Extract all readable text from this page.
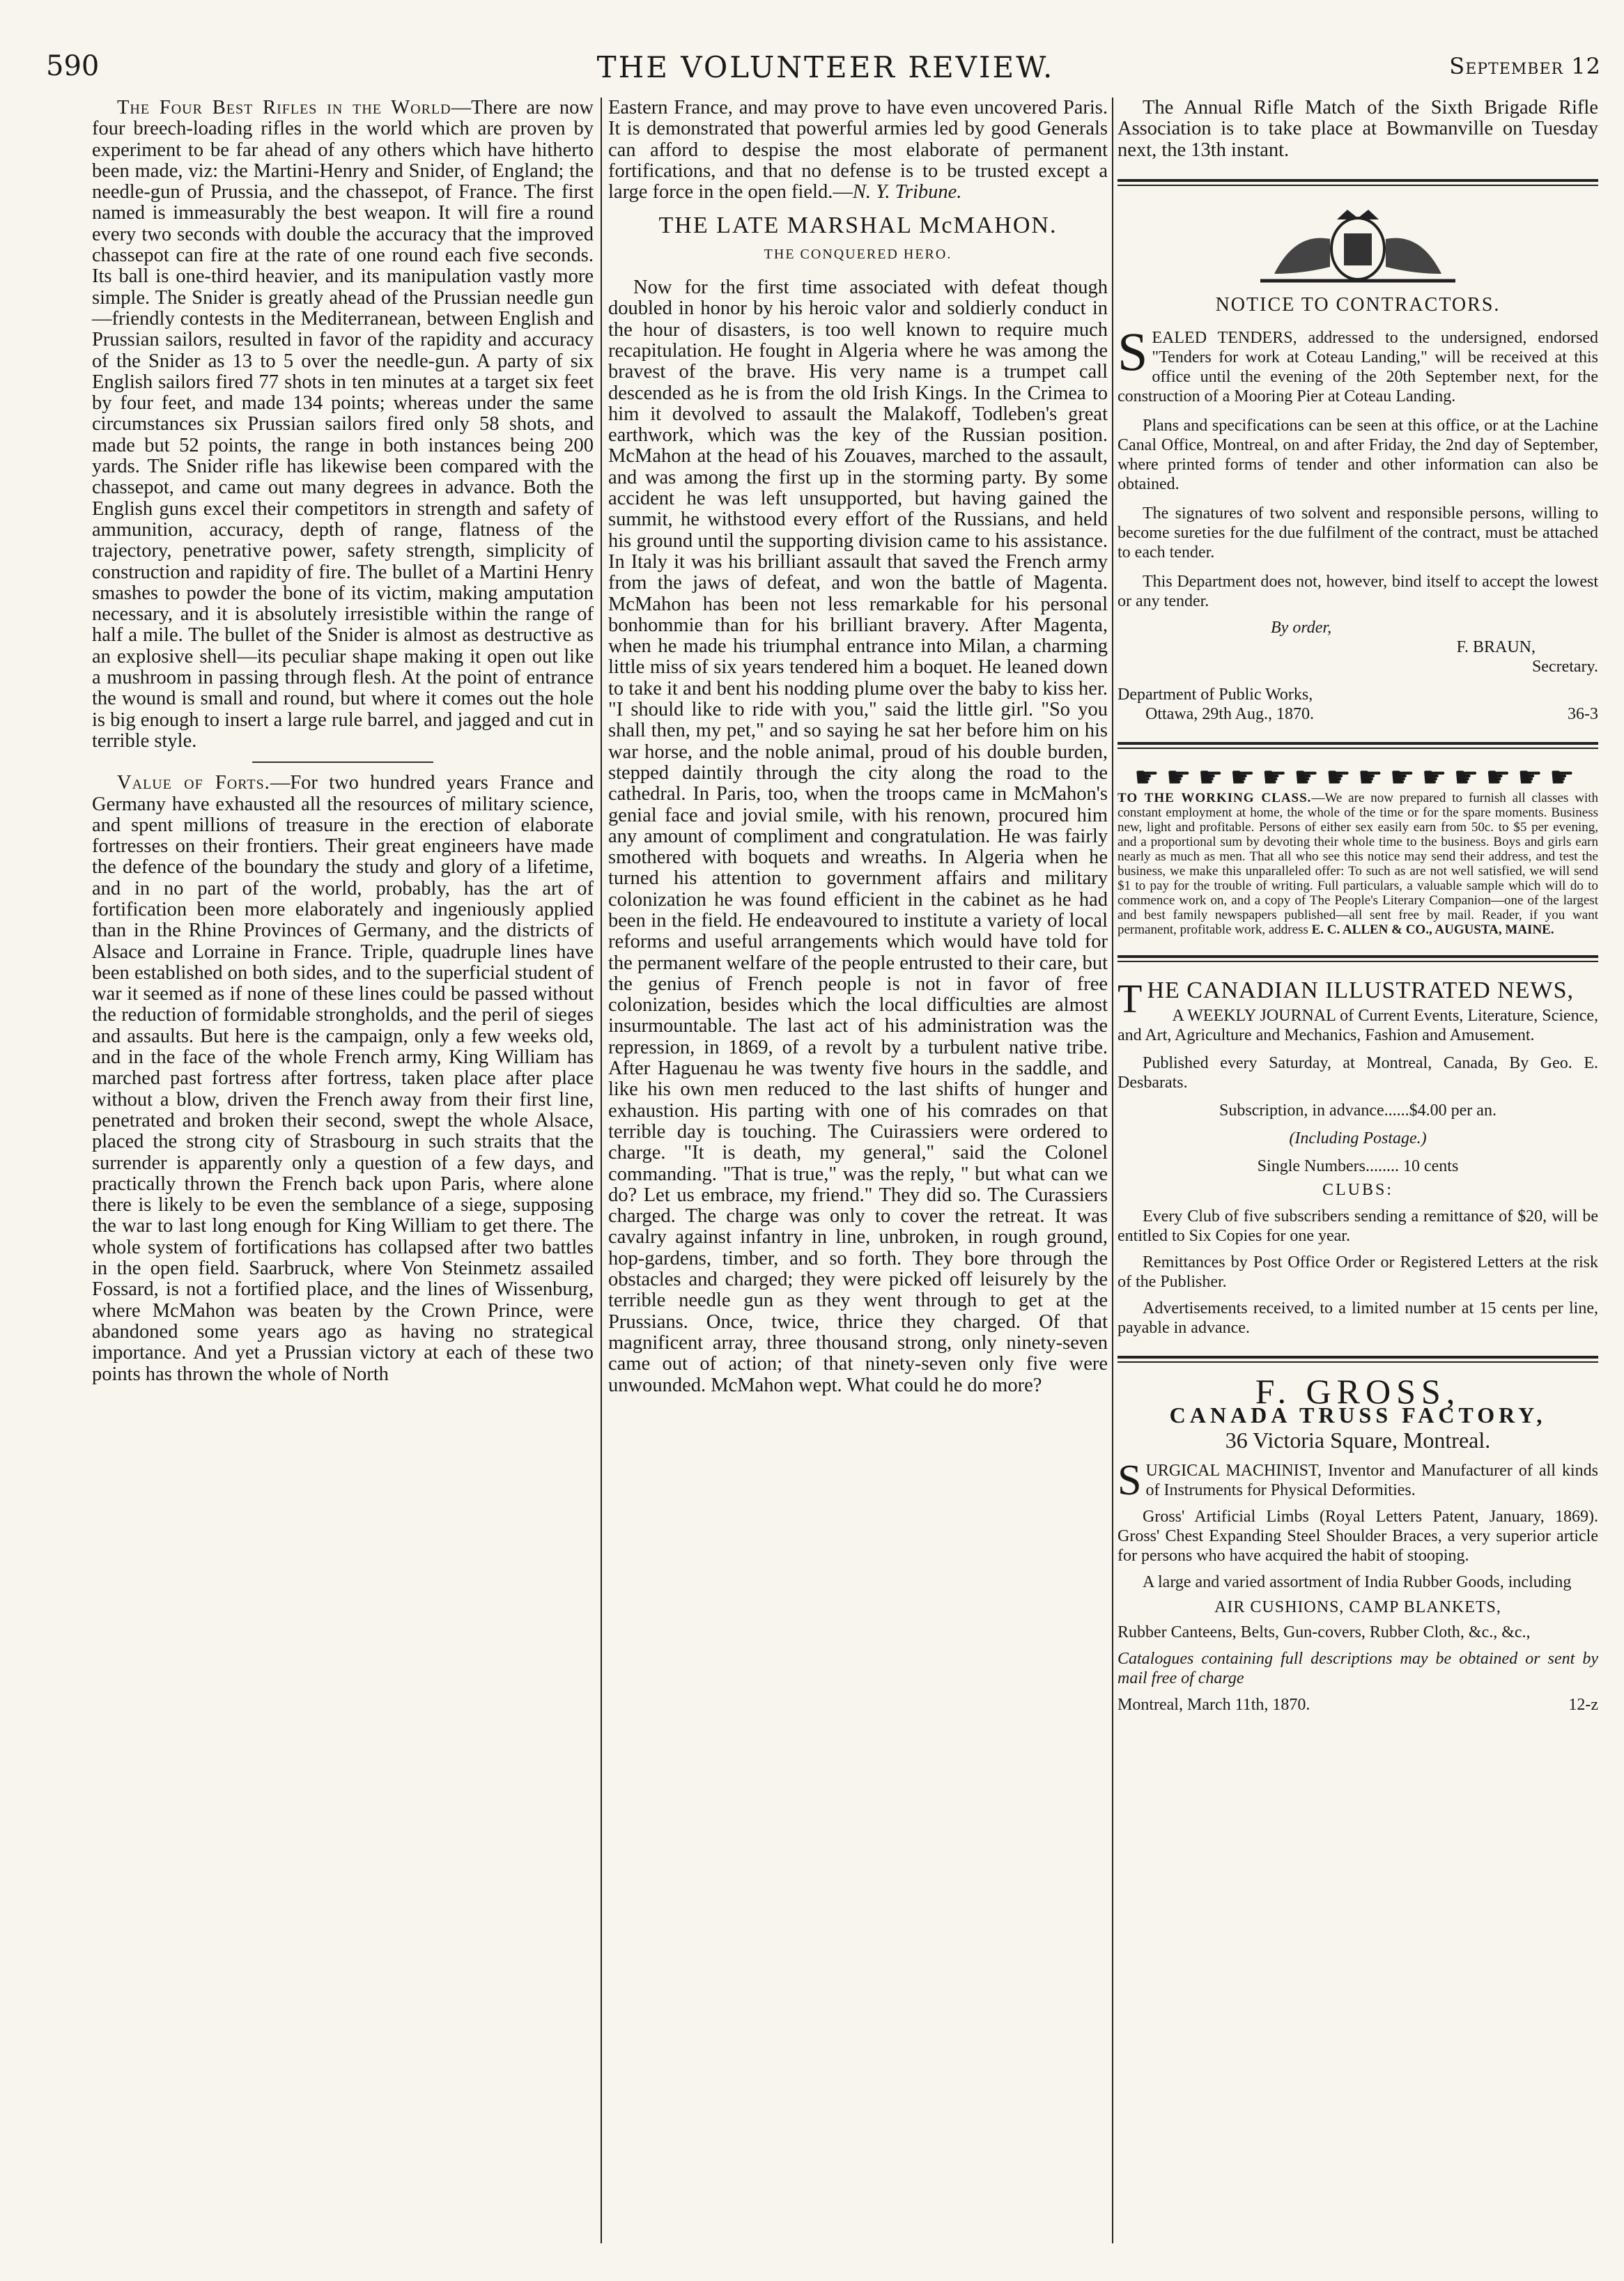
590	THE VOLUNTEER REVIEW.	September 12

The Four Best Rifles in the World—There are now four breech-loading rifles in the world which are proven by experiment to be far ahead of any others which have hitherto been made, viz: the Martini-Henry and Snider, of England; the needle-gun of Prussia, and the chassepot, of France. The first named is immeasurably the best weapon. It will fire a round every two seconds with double the accuracy that the improved chassepot can fire at the rate of one round each five seconds. Its ball is one-third heavier, and its manipulation vastly more simple. The Snider is greatly ahead of the Prussian needle gun—friendly contests in the Mediterranean, between English and Prussian sailors, resulted in favor of the rapidity and accuracy of the Snider as 13 to 5 over the needle-gun. A party of six English sailors fired 77 shots in ten minutes at a target six feet by four feet, and made 134 points; whereas under the same circumstances six Prussian sailors fired only 58 shots, and made but 52 points, the range in both instances being 200 yards. The Snider rifle has likewise been compared with the chassepot, and came out many degrees in advance. Both the English guns excel their competitors in strength and safety of ammunition, accuracy, depth of range, flatness of the trajectory, penetrative power, safety strength, simplicity of construction and rapidity of fire. The bullet of a Martini Henry smashes to powder the bone of its victim, making amputation necessary, and it is absolutely irresistible within the range of half a mile. The bullet of the Snider is almost as destructive as an explosive shell—its peculiar shape making it open out like a mushroom in passing through flesh. At the point of entrance the wound is small and round, but where it comes out the hole is big enough to insert a large rule barrel, and jagged and cut in terrible style.

Value of Forts.—For two hundred years France and Germany have exhausted all the resources of military science, and spent millions of treasure in the erection of elaborate fortresses on their frontiers. Their great engineers have made the defence of the boundary the study and glory of a lifetime, and in no part of the world, probably, has the art of fortification been more elaborately and ingeniously applied than in the Rhine Provinces of Germany, and the districts of Alsace and Lorraine in France. Triple, quadruple lines have been established on both sides, and to the superficial student of war it seemed as if none of these lines could be passed without the reduction of formidable strongholds, and the peril of sieges and assaults. But here is the campaign, only a few weeks old, and in the face of the whole French army, King William has marched past fortress after fortress, taken place after place without a blow, driven the French away from their first line, penetrated and broken their second, swept the whole Alsace, placed the strong city of Strasbourg in such straits that the surrender is apparently only a question of a few days, and practically thrown the French back upon Paris, where alone there is likely to be even the semblance of a siege, supposing the war to last long enough for King William to get there. The whole system of fortifications has collapsed after two battles in the open field. Saarbruck, where Von Steinmetz assailed Fossard, is not a fortified place, and the lines of Wissenburg, where McMahon was beaten by the Crown Prince, were abandoned some years ago as having no strategical importance. And yet a Prussian victory at each of these two points has thrown the whole of North

Eastern France, and may prove to have even uncovered Paris. It is demonstrated that powerful armies led by good Generals can afford to despise the most elaborate of permanent fortifications, and that no defense is to be trusted except a large force in the open field.—N. Y. Tribune.

THE LATE MARSHAL McMAHON.
THE CONQUERED HERO.

Now for the first time associated with defeat though doubled in honor by his heroic valor and soldierly conduct in the hour of disasters, is too well known to require much recapitulation. He fought in Algeria where he was among the bravest of the brave. His very name is a trumpet call descended as he is from the old Irish Kings. In the Crimea to him it devolved to assault the Malakoff, Todleben's great earthwork, which was the key of the Russian position. McMahon at the head of his Zouaves, marched to the assault, and was among the first up in the storming party. By some accident he was left unsupported, but having gained the summit, he withstood every effort of the Russians, and held his ground until the supporting division came to his assistance. In Italy it was his brilliant assault that saved the French army from the jaws of defeat, and won the battle of Magenta. McMahon has been not less remarkable for his personal bonhommie than for his brilliant bravery. After Magenta, when he made his triumphal entrance into Milan, a charming little miss of six years tendered him a boquet. He leaned down to take it and bent his nodding plume over the baby to kiss her. "I should like to ride with you," said the little girl. "So you shall then, my pet," and so saying he sat her before him on his war horse, and the noble animal, proud of his double burden, stepped daintily through the city along the road to the cathedral. In Paris, too, when the troops came in McMahon's genial face and jovial smile, with his renown, procured him any amount of compliment and congratulation. He was fairly smothered with boquets and wreaths. In Algeria when he turned his attention to government affairs and military colonization he was found efficient in the cabinet as he had been in the field. He endeavoured to institute a variety of local reforms and useful arrangements which would have told for the permanent welfare of the people entrusted to their care, but the genius of French people is not in favor of free colonization, besides which the local difficulties are almost insurmountable. The last act of his administration was the repression, in 1869, of a revolt by a turbulent native tribe. After Haguenau he was twenty five hours in the saddle, and like his own men reduced to the last shifts of hunger and exhaustion. His parting with one of his comrades on that terrible day is touching. The Cuirassiers were ordered to charge. "It is death, my general," said the Colonel commanding. "That is true," was the reply, " but what can we do? Let us embrace, my friend." They did so. The Curassiers charged. The charge was only to cover the retreat. It was cavalry against infantry in line, unbroken, in rough ground, hop-gardens, timber, and so forth. They bore through the obstacles and charged; they were picked off leisurely by the terrible needle gun as they went through to get at the Prussians. Once, twice, thrice they charged. Of that magnificent array, three thousand strong, only ninety-seven came out of action; of that ninety-seven only five were unwounded. McMahon wept. What could he do more?

The Annual Rifle Match of the Sixth Brigade Rifle Association is to take place at Bowmanville on Tuesday next, the 13th instant.

NOTICE TO CONTRACTORS.

SEALED TENDERS, addressed to the undersigned, endorsed "Tenders for work at Coteau Landing," will be received at this office until the evening of the 20th September next, for the construction of a Mooring Pier at Coteau Landing.

Plans and specifications can be seen at this office, or at the Lachine Canal Office, Montreal, on and after Friday, the 2nd day of September, where printed forms of tender and other information can also be obtained.

The signatures of two solvent and responsible persons, willing to become sureties for the due fulfilment of the contract, must be attached to each tender.

This Department does not, however, bind itself to accept the lowest or any tender.

By order,

F. BRAUN,

Secretary.

Department of Public Works,

Ottawa, 29th Aug., 1870.	36-3

☛☛☛☛☛☛☛☛☛☛☛☛☛☛

TO THE WORKING CLASS.—We are now prepared to furnish all classes with constant employment at home, the whole of the time or for the spare moments. Business new, light and profitable. Persons of either sex easily earn from 50c. to $5 per evening, and a proportional sum by devoting their whole time to the business. Boys and girls earn nearly as much as men. That all who see this notice may send their address, and test the business, we make this unparalleled offer: To such as are not well satisfied, we will send $1 to pay for the trouble of writing. Full particulars, a valuable sample which will do to commence work on, and a copy of The People's Literary Companion—one of the largest and best family newspapers published—all sent free by mail. Reader, if you want permanent, profitable work, address E. C. ALLEN & CO., AUGUSTA, MAINE.

THE CANADIAN ILLUSTRATED NEWS,

A WEEKLY JOURNAL of Current Events, Literature, Science, and Art, Agriculture and Mechanics, Fashion and Amusement.

Published every Saturday, at Montreal, Canada, By Geo. E. Desbarats.

Subscription, in advance......$4.00 per an.

(Including Postage.)

Single Numbers........ 10 cents

CLUBS:

Every Club of five subscribers sending a remittance of $20, will be entitled to Six Copies for one year.

Remittances by Post Office Order or Registered Letters at the risk of the Publisher.

Advertisements received, to a limited number at 15 cents per line, payable in advance.

F. GROSS,
CANADA TRUSS FACTORY,
36 Victoria Square, Montreal.

SURGICAL MACHINIST, Inventor and Manufacturer of all kinds of Instruments for Physical Deformities.

Gross' Artificial Limbs (Royal Letters Patent, January, 1869). Gross' Chest Expanding Steel Shoulder Braces, a very superior article for persons who have acquired the habit of stooping.

A large and varied assortment of India Rubber Goods, including

AIR CUSHIONS, CAMP BLANKETS,

Rubber Canteens, Belts, Gun-covers, Rubber Cloth, &c., &c.,

Catalogues containing full descriptions may be obtained or sent by mail free of charge

Montreal, March 11th, 1870.	12-z
